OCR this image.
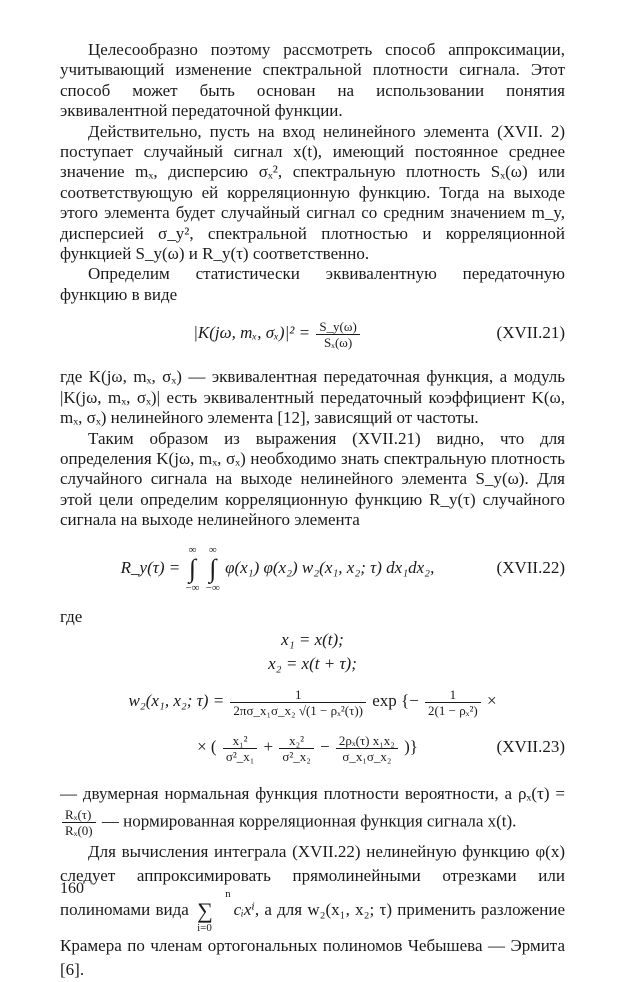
Целесообразно поэтому рассмотреть способ аппроксимации, учитывающий изменение спектральной плотности сигнала. Этот способ может быть основан на использовании понятия эквивалентной передаточной функции.

Действительно, пусть на вход нелинейного элемента (XVII. 2) поступает случайный сигнал x(t), имеющий постоянное среднее значение mₓ, дисперсию σₓ², спектральную плотность Sₓ(ω) или соответствующую ей корреляционную функцию. Тогда на выходе этого элемента будет случайный сигнал со средним значением m_y, дисперсией σ_y², спектральной плотностью и корреляционной функцией S_y(ω) и R_y(τ) соответственно.

Определим статистически эквивалентную передаточную функцию в виде

|K(jω, mₓ, $\sigma_x)|^2 = \frac{S\_y(\omega)}{\text{Sₓ(ω)}}$	(XVII.21)

где K(jω, mₓ, σₓ) — эквивалентная передаточная функция, а модуль |K(jω, mₓ, σₓ)| есть эквивалентный передаточный коэффициент K(ω, mₓ, σₓ) нелинейного элемента [12], зависящий от частоты.

Таким образом из выражения (XVII.21) видно, что для определения K(jω, mₓ, σₓ) необходимо знать спектральную плотность случайного сигнала на выходе нелинейного элемента S_y(ω). Для этой цели определим корреляционную функцию R_y(τ) случайного сигнала на выходе нелинейного элемента

R_y(τ) = ∞
∫
−∞ ∞
∫
−∞ φ(x₁) φ(x₂) w₂(x₁, x₂; τ) dx₁dx₂,	(XVII.22)

где

x₁ = x(t);
x₂ = x(t + τ);
w₂(x₁, x₂; $\tau) = \frac{1}{\text{2πσ\_x₁σ\_x₂ √(1 − ρₓ²(τ))}}$ exp {− $\frac{1}{\text{2(1 − ρₓ²)}}$ ×
× ( $\frac{\text{x₁²}}{\text{σ²\_x₁}} + \frac{\text{x₂²}}{\text{σ²\_x₂}} - \frac{\text{2ρₓ(τ) x₁x₂}}{\text{σ\_x₁σ\_x₂}}$ )}	(XVII.23)

— двумерная нормальная функция плотности вероятности, а ρₓ(τ) =
$\frac{\text{Rₓ(τ)}}{\text{Rₓ(0)}}$ — нормированная корреляционная функция сигнала x(t).

Для вычисления интеграла (XVII.22) нелинейную функцию φ(x) следует аппроксимировать прямолинейными отрезками или полиномами вида n
∑
i=0cᵢxⁱ, а для w₂(x₁, x₂; τ) применить разложение Крамера по членам ортогональных полиномов Чебышева — Эрмита [6].

160
